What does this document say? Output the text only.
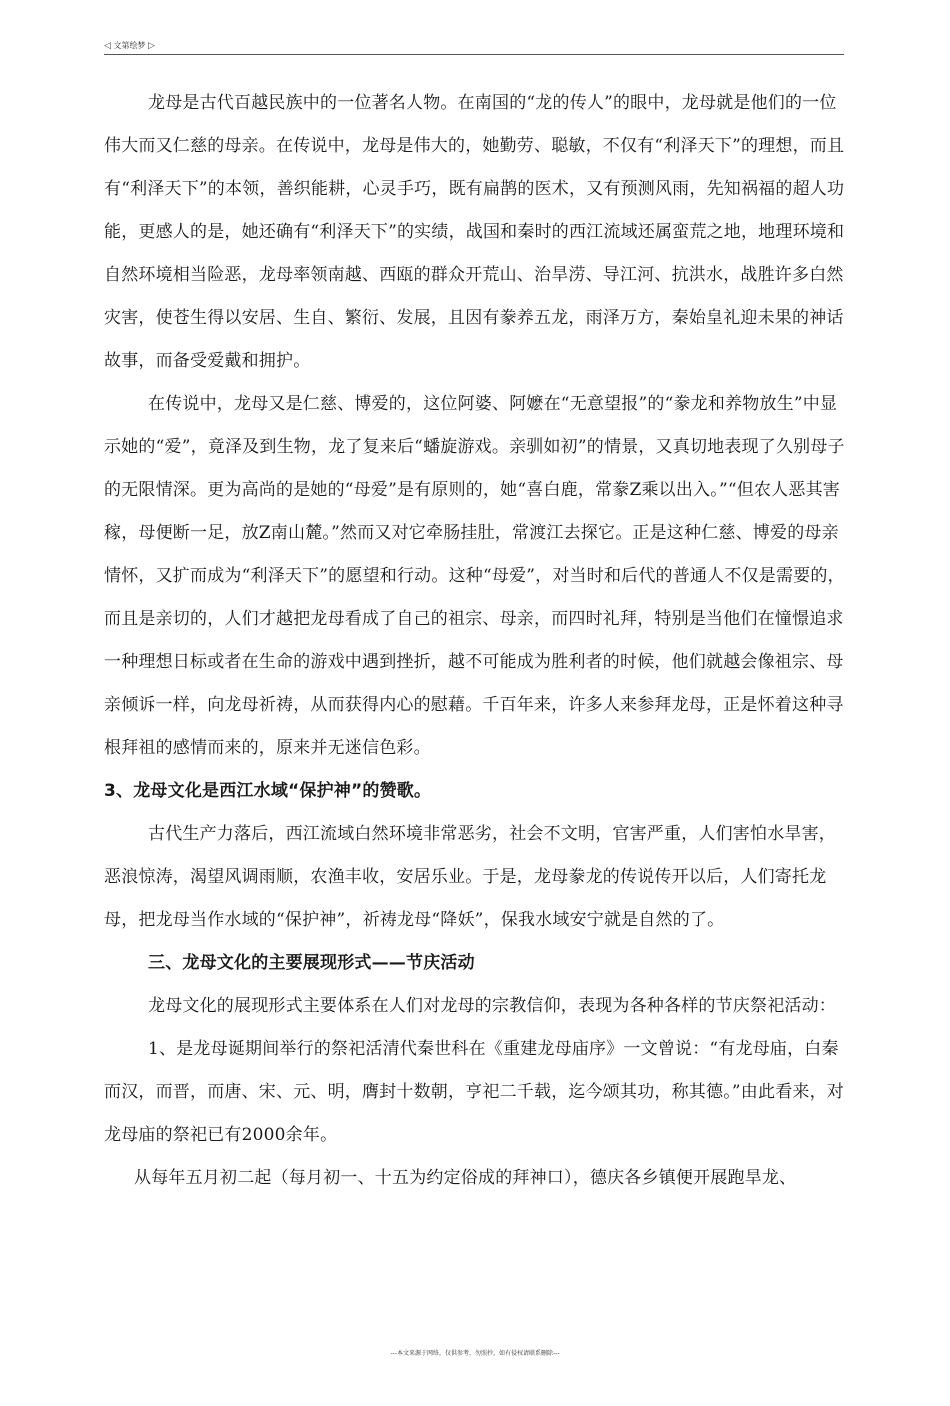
◁ 文第绘梦 ▷

龙母是古代百越民族中的一位著名人物。在南国的“龙的传人”的眼中，龙母就是他们的一位伟大而又仁慈的母亲。在传说中，龙母是伟大的，她勤劳、聪敏，不仅有“利泽天下”的理想，而且有“利泽天下”的本领，善织能耕，心灵手巧，既有扁鹊的医术，又有预测风雨，先知祸福的超人功能，更感人的是，她还确有“利泽天下”的实绩，战国和秦时的西江流域还属蛮荒之地，地理环境和自然环境相当险恶，龙母率领南越、西瓯的群众开荒山、治旱涝、导江河、抗洪水，战胜许多白然灾害，使苍生得以安居、生自、繁衍、发展，且因有豢养五龙，雨泽万方，秦始皇礼迎未果的神话故事，而备受爱戴和拥护。

在传说中，龙母又是仁慈、博爱的，这位阿婆、阿嬷在“无意望报”的“豢龙和养物放生”中显示她的“爱”，竟泽及到生物，龙了复来后“蟠旋游戏。亲驯如初”的情景，又真切地表现了久别母子的无限情深。更为高尚的是她的“母爱”是有原则的，她“喜白鹿，常豢Z乘以出入。”“但农人恶其害稼，母便断一足，放Z南山麓。”然而又对它牵肠挂肚，常渡江去探它。正是这种仁慈、博爱的母亲情怀，又扩而成为“利泽天下”的愿望和行动。这种“母爱”，对当时和后代的普通人不仅是需要的，而且是亲切的，人们才越把龙母看成了自己的祖宗、母亲，而四时礼拜，特别是当他们在憧憬追求一种理想日标或者在生命的游戏中遇到挫折，越不可能成为胜利者的时候，他们就越会像祖宗、母亲倾诉一样，向龙母祈祷，从而获得内心的慰藉。千百年来，许多人来参拜龙母，正是怀着这种寻根拜祖的感情而来的，原来并无迷信色彩。

3、龙母文化是西江水域“保护神”的赞歌。

古代生产力落后，西江流域白然环境非常恶劣，社会不文明，官害严重，人们害怕水旱害，恶浪惊涛，渴望风调雨顺，农渔丰收，安居乐业。于是，龙母豢龙的传说传开以后，人们寄托龙母，把龙母当作水域的“保护神”，祈祷龙母“降妖”，保我水域安宁就是自然的了。

三、龙母文化的主要展现形式——节庆活动

龙母文化的展现形式主要体系在人们对龙母的宗教信仰，表现为各种各样的节庆祭祀活动：

1、是龙母诞期间举行的祭祀活清代秦世科在《重建龙母庙序》一文曾说：“有龙母庙，白秦而汉，而晋，而唐、宋、元、明，膺封十数朝，亨祀二千载，迄今颂其功，称其德。”由此看来，对龙母庙的祭祀已有2000余年。

从每年五月初二起（每月初一、十五为约定俗成的拜神口），德庆各乡镇便开展跑旱龙、

---本文来源于网络，仅供参考，勿照抄，如有侵权请联系删除---
